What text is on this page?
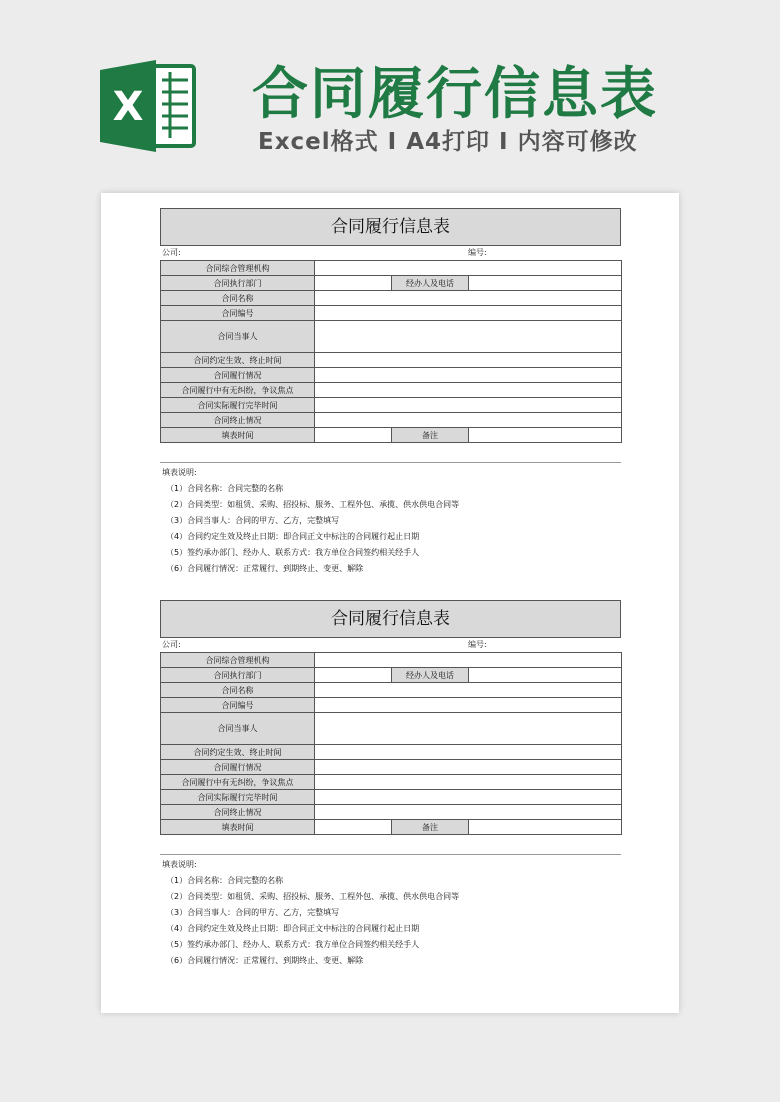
X 合同履行信息表
Excel格式 I A4打印 I 内容可修改
合同履行信息表
公司:	编号:
合同综合管理机构			
合同执行部门		经办人及电话	
合同名称			
合同编号			
合同当事人			
合同约定生效、终止时间			
合同履行情况			
合同履行中有无纠纷，争议焦点			
合同实际履行完毕时间			
合同终止情况			
填表时间		备注	
填表说明:
（1）合同名称：合同完整的名称
（2）合同类型：如租赁、采购、招投标、服务、工程外包、承揽、供水供电合同等
（3）合同当事人：合同的甲方、乙方，完整填写
（4）合同约定生效及终止日期：即合同正文中标注的合同履行起止日期
（5）签约承办部门、经办人、联系方式：我方单位合同签约相关经手人
（6）合同履行情况：正常履行、到期终止、变更、解除
合同履行信息表
公司:	编号:
合同综合管理机构			
合同执行部门		经办人及电话	
合同名称			
合同编号			
合同当事人			
合同约定生效、终止时间			
合同履行情况			
合同履行中有无纠纷，争议焦点			
合同实际履行完毕时间			
合同终止情况			
填表时间		备注	
填表说明:
（1）合同名称：合同完整的名称
（2）合同类型：如租赁、采购、招投标、服务、工程外包、承揽、供水供电合同等
（3）合同当事人：合同的甲方、乙方，完整填写
（4）合同约定生效及终止日期：即合同正文中标注的合同履行起止日期
（5）签约承办部门、经办人、联系方式：我方单位合同签约相关经手人
（6）合同履行情况：正常履行、到期终止、变更、解除
